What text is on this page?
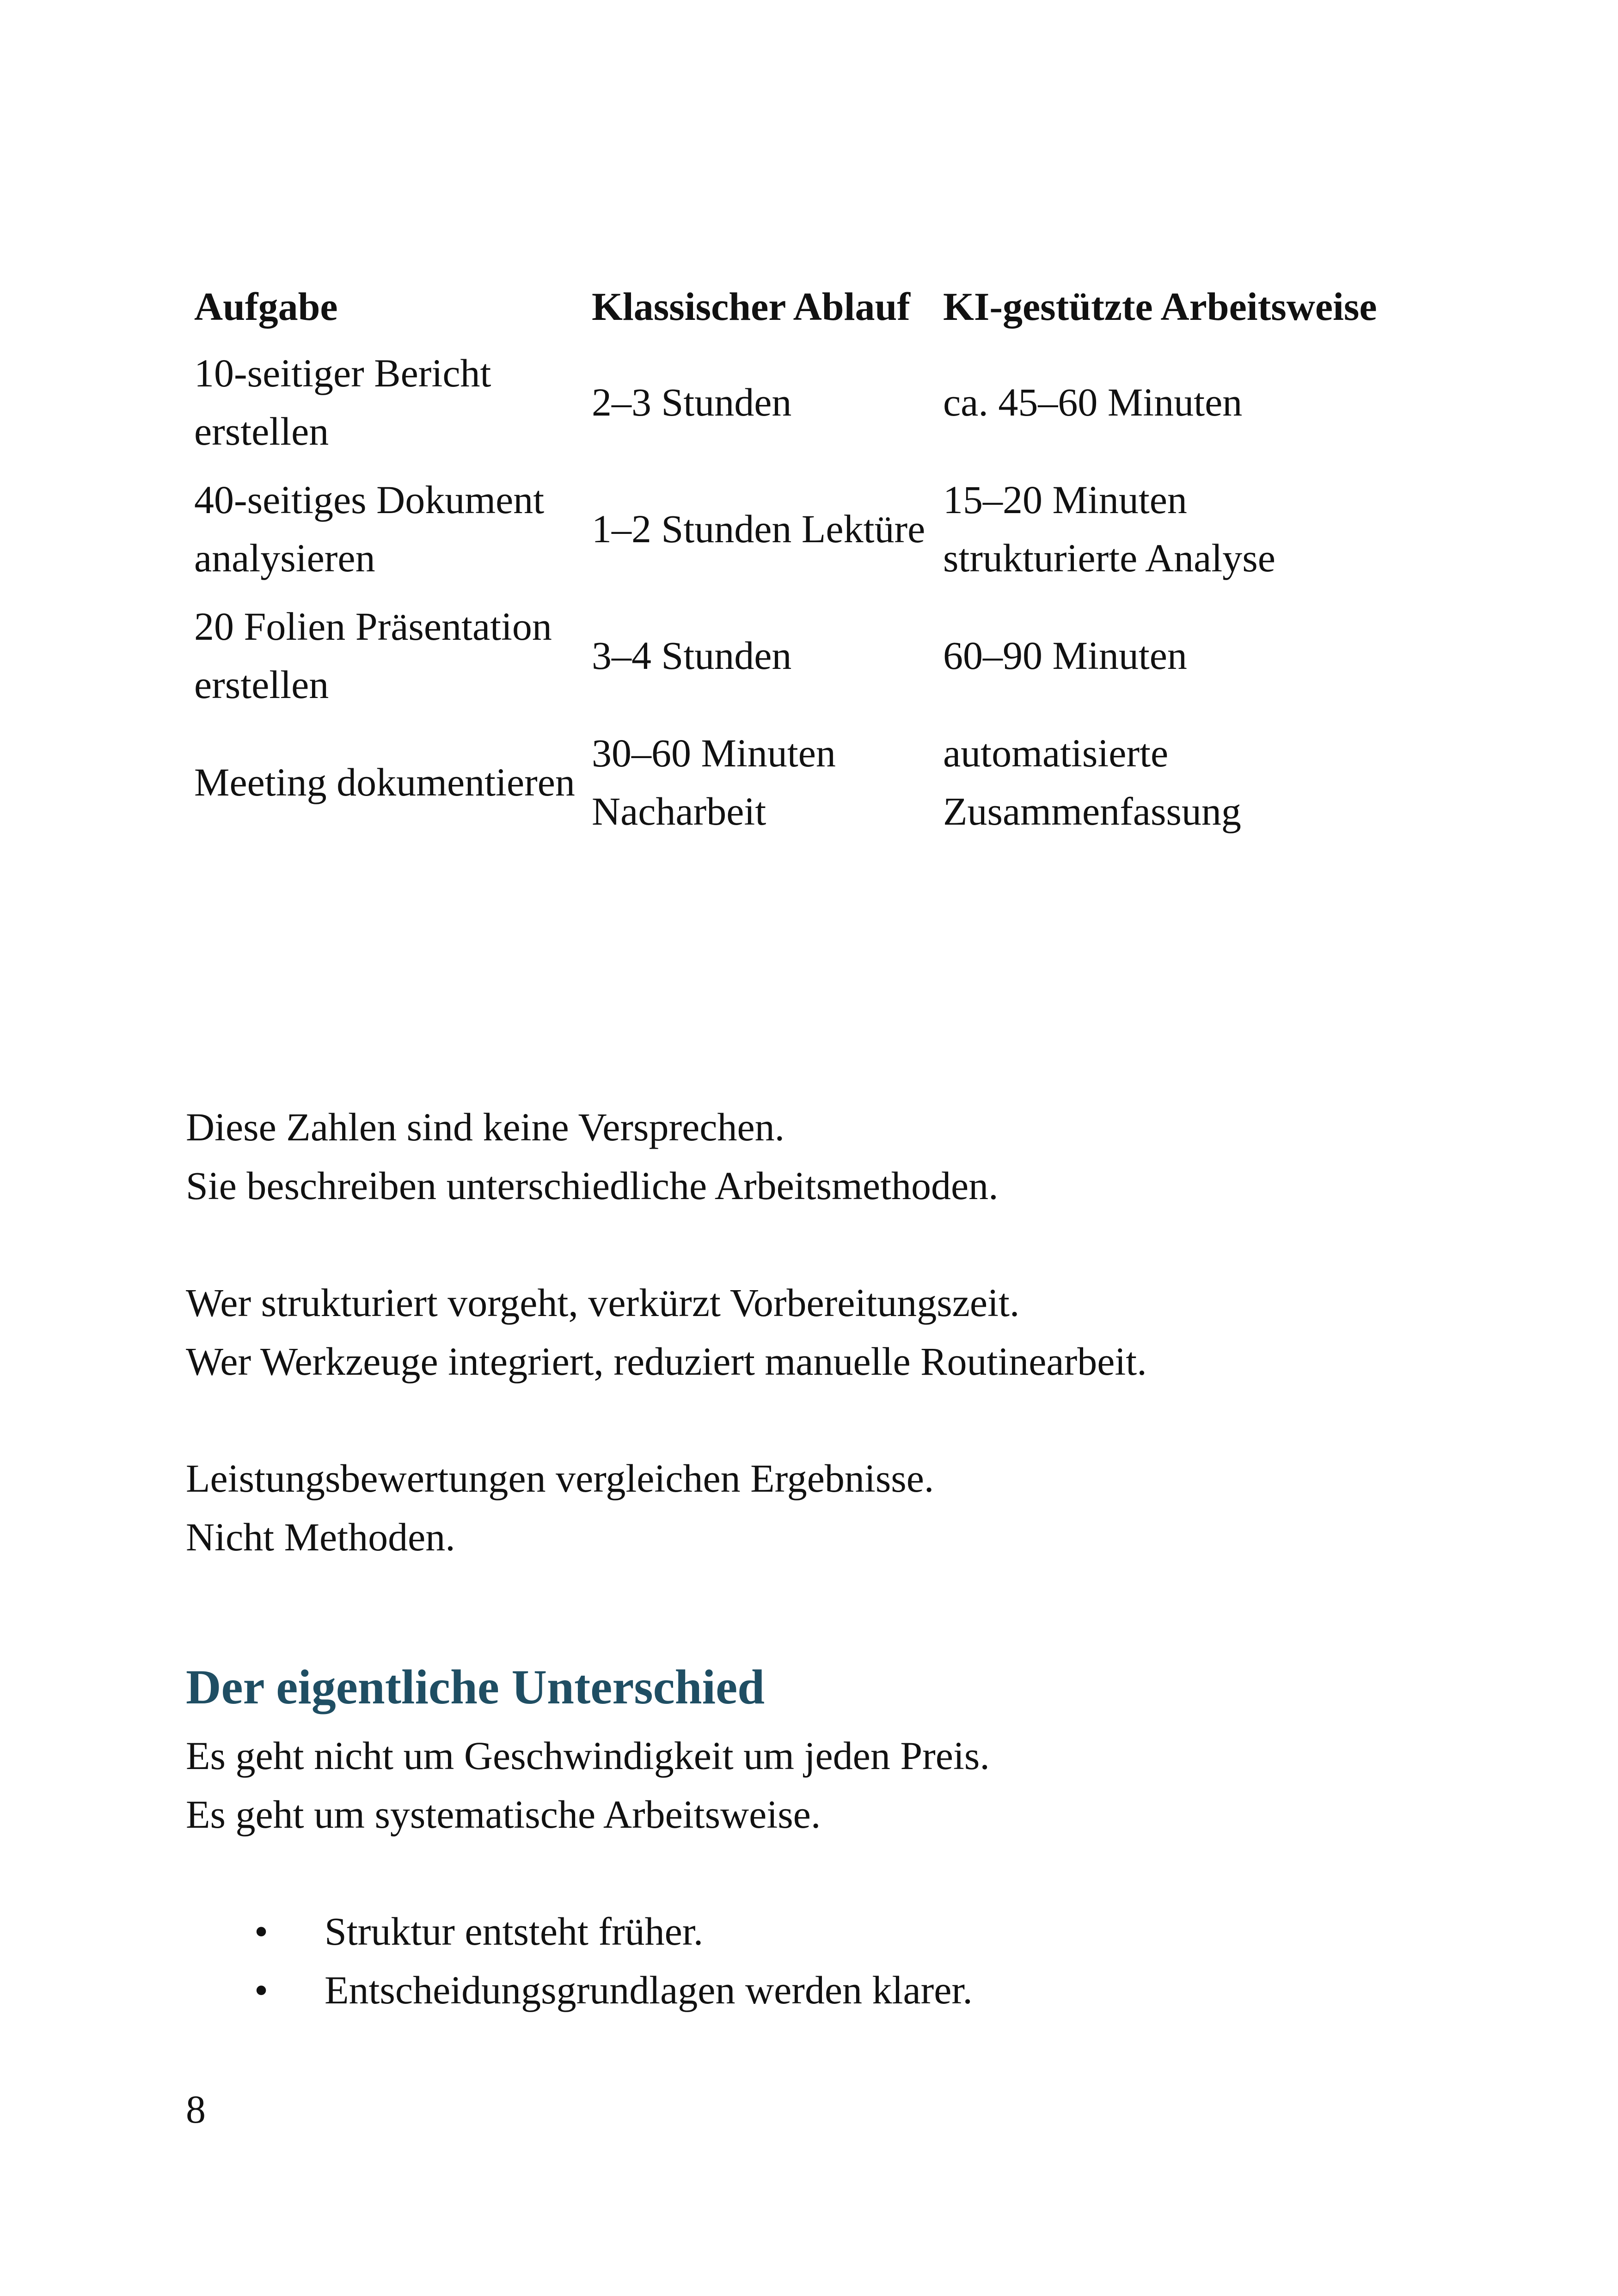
Aufgabe	Klassischer Ablauf	KI-gestützte Arbeitsweise
10-seitiger Bericht erstellen	2–3 Stunden	ca. 45–60 Minuten
40-seitiges Dokument analysieren	1–2 Stunden Lektüre	15–20 Minuten strukturierte Analyse
20 Folien Präsentation erstellen	3–4 Stunden	60–90 Minuten
Meeting dokumentieren	30–60 Minuten Nacharbeit	automatisierte Zusammenfassung

Diese Zahlen sind keine Versprechen.

Sie beschreiben unterschiedliche Arbeitsmethoden.

Wer strukturiert vorgeht, verkürzt Vorbereitungszeit.

Wer Werkzeuge integriert, reduziert manuelle Routinearbeit.

Leistungsbewertungen vergleichen Ergebnisse.

Nicht Methoden.

Der eigentliche Unterschied

Es geht nicht um Geschwindigkeit um jeden Preis.

Es geht um systematische Arbeitsweise.

• Struktur entsteht früher.
• Entscheidungsgrundlagen werden klarer.
8
